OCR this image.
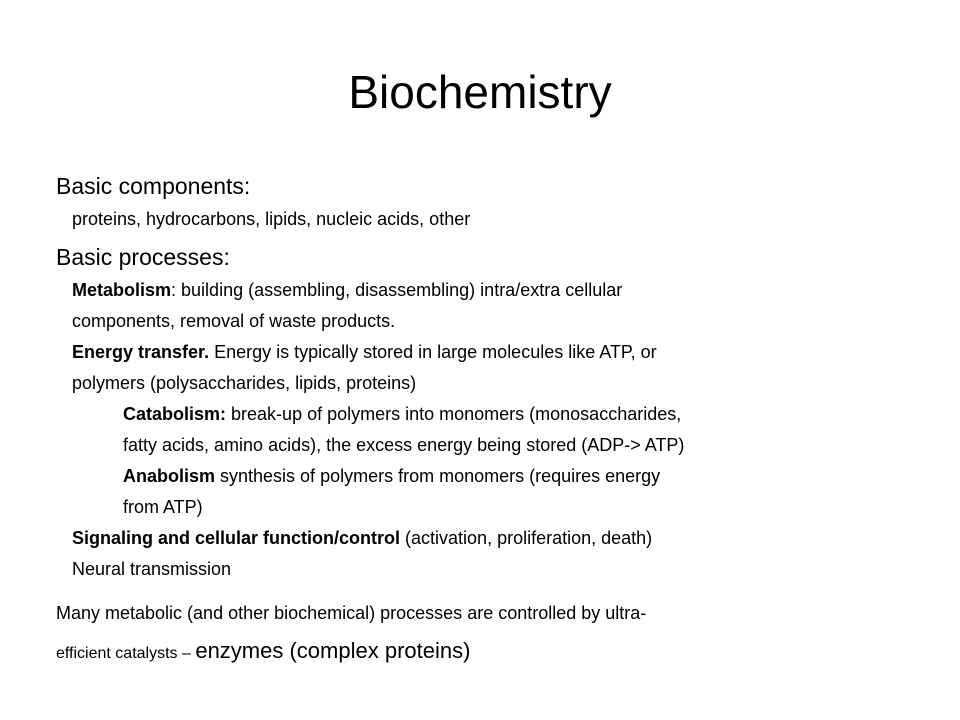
Biochemistry
Basic components:
proteins, hydrocarbons, lipids, nucleic acids, other
Basic processes:
Metabolism: building (assembling, disassembling) intra/extra cellular
components, removal of waste products.
Energy transfer. Energy is typically stored in large molecules like ATP, or
polymers (polysaccharides, lipids, proteins)
Catabolism: break-up of polymers into monomers (monosaccharides,
fatty acids, amino acids), the excess energy being stored (ADP-> ATP)
Anabolism synthesis of polymers from monomers (requires energy
from ATP)
Signaling and cellular function/control (activation, proliferation, death)
Neural transmission
Many metabolic (and other biochemical) processes are controlled by ultra-
efficient catalysts – enzymes (complex proteins)
